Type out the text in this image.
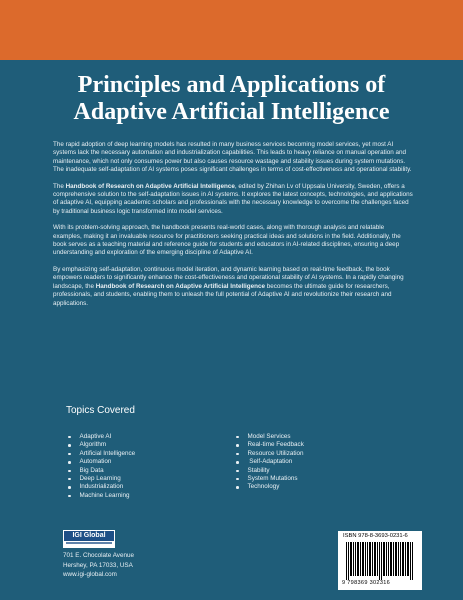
Principles and Applications of
Adaptive Artificial Intelligence

The rapid adoption of deep learning models has resulted in many business services becoming model services, yet most AI systems lack the necessary automation and industrialization capabilities. This leads to heavy reliance on manual operation and maintenance, which not only consumes power but also causes resource wastage and stability issues during system mutations. The inadequate self-adaptation of AI systems poses significant challenges in terms of cost-effectiveness and operational stability.

The Handbook of Research on Adaptive Artificial Intelligence, edited by Zhihan Lv of Uppsala University, Sweden, offers a comprehensive solution to the self-adaptation issues in AI systems. It explores the latest concepts, technologies, and applications of adaptive AI, equipping academic scholars and professionals with the necessary knowledge to overcome the challenges faced by traditional business logic transformed into model services.

With its problem-solving approach, the handbook presents real-world cases, along with thorough analysis and relatable examples, making it an invaluable resource for practitioners seeking practical ideas and solutions in the field. Additionally, the book serves as a teaching material and reference guide for students and educators in AI-related disciplines, ensuring a deep understanding and exploration of the emerging discipline of Adaptive AI.

By emphasizing self-adaptation, continuous model iteration, and dynamic learning based on real-time feedback, the book empowers readers to significantly enhance the cost-effectiveness and operational stability of AI systems. In a rapidly changing landscape, the Handbook of Research on Adaptive Artificial Intelligence becomes the ultimate guide for researchers, professionals, and students, enabling them to unleash the full potential of Adaptive AI and revolutionize their research and applications.

Topics Covered
Adaptive AI
Algorithm
Artificial Intelligence
Automation
Big Data
Deep Learning
Industrialization
Machine Learning
Model Services
Real-time Feedback
Resource Utilization
Self-Adaptation
Stability
System Mutations
Technology
IGI Global
701 E. Chocolate Avenue
Hershey, PA 17033, USA
www.igi-global.com
ISBN 978-8-3693-0231-6
9 798369 302316
